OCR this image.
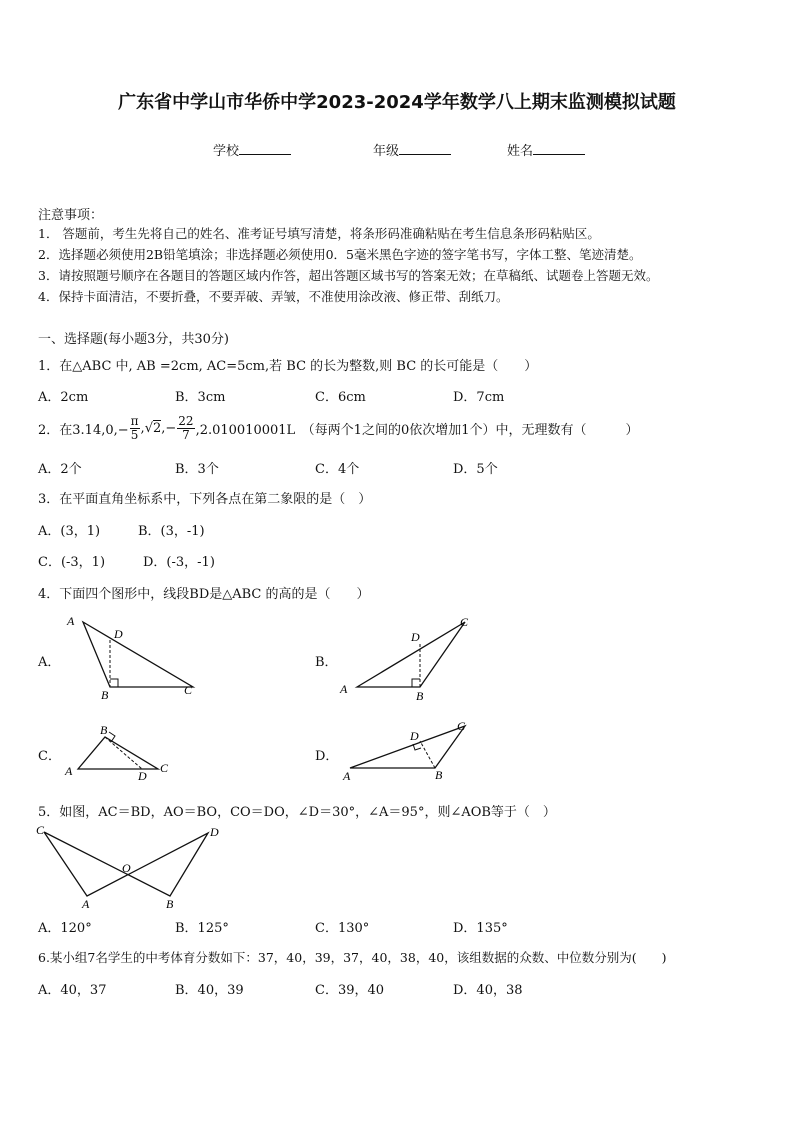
广东省中学山市华侨中学2023-2024学年数学八上期末监测模拟试题
学校	年级	姓名
注意事项：
1． 答题前，考生先将自己的姓名、准考证号填写清楚，将条形码准确粘贴在考生信息条形码粘贴区。
2．选择题必须使用2B铅笔填涂；非选择题必须使用0．5毫米黑色字迹的签字笔书写，字体工整、笔迹清楚。
3．请按照题号顺序在各题目的答题区域内作答，超出答题区域书写的答案无效；在草稿纸、试题卷上答题无效。
4．保持卡面清洁，不要折叠，不要弄破、弄皱，不准使用涂改液、修正带、刮纸刀。
一、选择题(每小题3分，共30分)
1．在△ABC 中, AB =2cm, AC=5cm,若 BC 的长为整数,则 BC 的长可能是（　　）
A．2cm	B．3cm	C．6cm	D．7cm
2．在$3.14,0,- \frac{\pi}{5}$ , √2 ,− $\frac{22}{7} ,2.010010001L$　（每两个1之间的0依次增加1个）中，无理数有（　　　）
A．2个	B．3个	C．4个	D．5个
3．在平面直角坐标系中，下列各点在第二象限的是（　）
A．(3，1)	B．(3，-1)
C．(-3，1)	D．(-3，-1)
4．下面四个图形中，线段BD是△ABC 的高的是（　　）
A．	B．
C．	D．
A
D
B	C	A
D
B
C
A
B
D
C
A
D
B
C
5．如图，AC＝BD，AO＝BO，CO＝DO，∠D＝30°，∠A＝95°，则∠AOB等于（　）
C	D
O
A	B
A．120°	B．125°	C．130°	D．135°
6.某小组7名学生的中考体育分数如下：37，40，39，37，40，38，40，该组数据的众数、中位数分别为(　　)
A．40，37	B．40，39	C．39，40	D．40，38
